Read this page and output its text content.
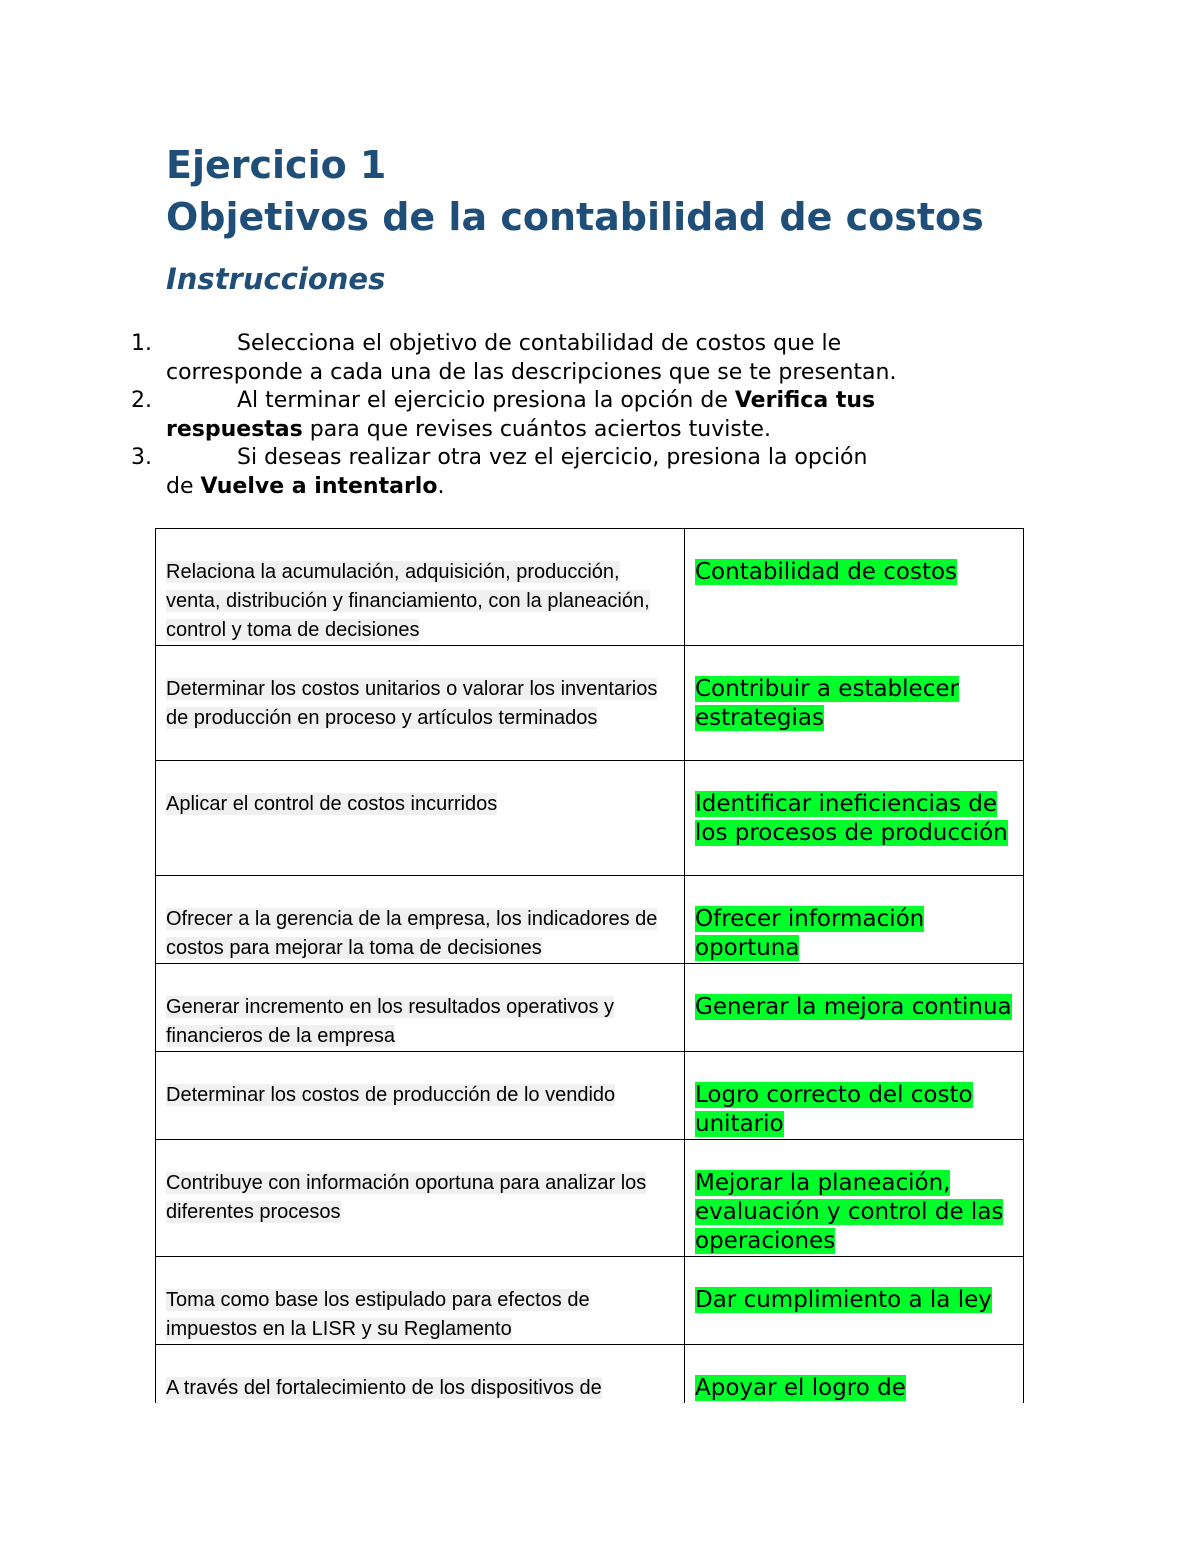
Ejercicio 1
Objetivos de la contabilidad de costos
Instrucciones
1.	Selecciona el objetivo de contabilidad de costos que le
corresponde a cada una de las descripciones que se te presentan.
2.	Al terminar el ejercicio presiona la opción de Verifica tus
respuestas para que revises cuántos aciertos tuviste.
3.	Si deseas realizar otra vez el ejercicio, presiona la opción
de Vuelve a intentarlo.
Relaciona la acumulación, adquisición, producción, venta, distribución y financiamiento, con la planeación, control y toma de decisiones	Contabilidad de costos

Determinar los costos unitarios o valorar los inventarios de producción en proceso y artículos terminados	Contribuir a establecer estrategias

Aplicar el control de costos incurridos	Identificar ineficiencias de los procesos de producción

Ofrecer a la gerencia de la empresa, los indicadores de costos para mejorar la toma de decisiones	Ofrecer información oportuna

Generar incremento en los resultados operativos y financieros de la empresa	Generar la mejora continua

Determinar los costos de producción de lo vendido	Logro correcto del costo unitario

Contribuye con información oportuna para analizar los diferentes procesos	Mejorar la planeación, evaluación y control de las operaciones

Toma como base los estipulado para efectos de impuestos en la LISR y su Reglamento	Dar cumplimiento a la ley

A través del fortalecimiento de los dispositivos de	Apoyar el logro de
